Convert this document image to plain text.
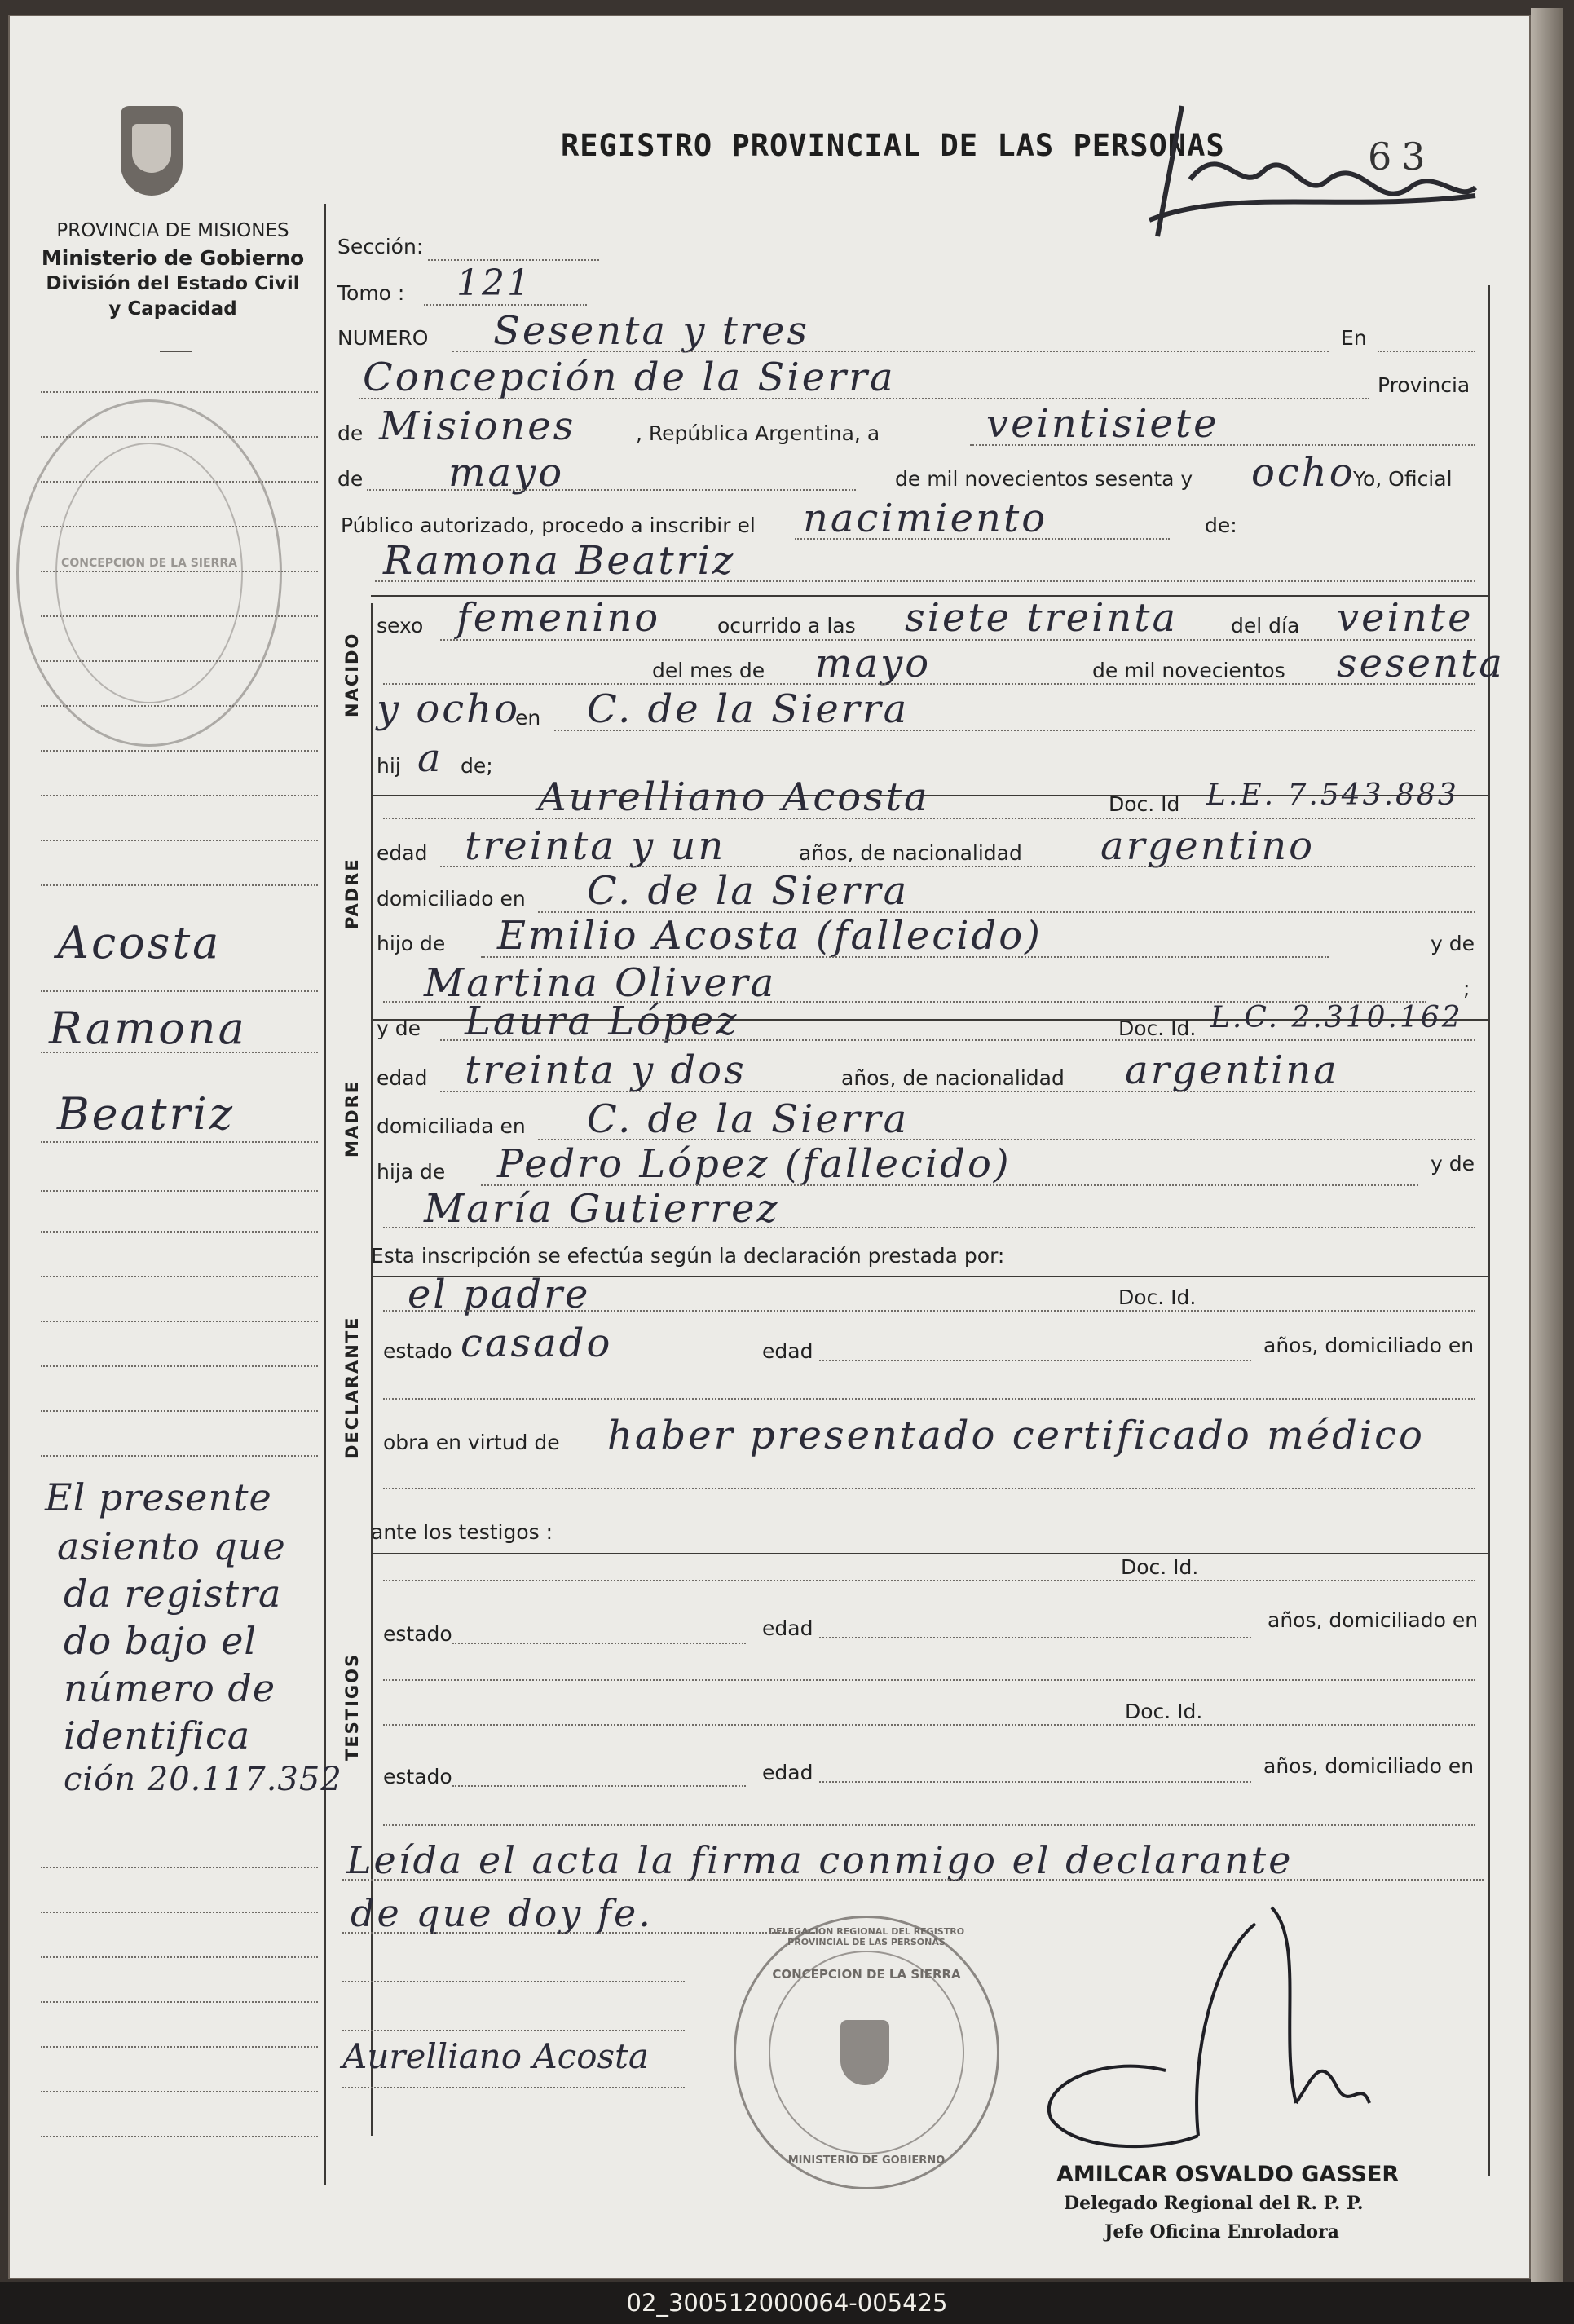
PROVINCIA DE MISIONES
Ministerio de Gobierno
División del Estado Civil
y Capacidad
REGISTRO PROVINCIAL DE LAS PERSONAS	63
Sección:
Tomo : 121
NUMERO Sesenta y tres	En
Concepción de la Sierra	Provincia
de Misiones	, República Argentina, a	veintisiete
de mayo	de mil novecientos sesenta y ocho
Yo, Oficial
Público autorizado, procedo a inscribir el nacimiento	de:
Ramona Beatriz
NACIDO
sexo femenino	ocurrido a las siete treinta	del día veinte
del mes de mayo	de mil novecientos sesenta
y ocho
en C. de la Sierra
hij a de;
PADRE
Aurelliano Acosta	Doc. Id L.E. 7.543.883
edad treinta y un	años, de nacionalidad argentino
domiciliado en C. de la Sierra
hijo de Emilio Acosta (fallecido)	y de
Martina Olivera	;
MADRE
y de Laura López	Doc. Id. L.C. 2.310.162
edad treinta y dos	años, de nacionalidad argentina
domiciliada en C. de la Sierra
hija de Pedro López (fallecido)	y de
María Gutierrez
Esta inscripción se efectúa según la declaración prestada por:
DECLARANTE
el padre	Doc. Id.
estado casado	edad	años, domiciliado en
obra en virtud de haber presentado certificado médico
ante los testigos :
TESTIGOS
Doc. Id.
estado	edad	años, domiciliado en
Doc. Id.
estado	edad	años, domiciliado en
Leída el acta la firma conmigo el declarante
de que doy fe.
Aurelliano Acosta
DELEGACION REGIONAL DEL REGISTRO PROVINCIAL DE LAS PERSONAS
CONCEPCION DE LA SIERRA
MINISTERIO DE GOBIERNO
AMILCAR OSVALDO GASSER
Delegado Regional del R. P. P.
Jefe Oficina Enroladora
CONCEPCION DE LA SIERRA
Acosta
Ramona
Beatriz
El presente
asiento que
da registra
do bajo el
número de
identifica
ción 20.117.352
02_300512000064-005425
